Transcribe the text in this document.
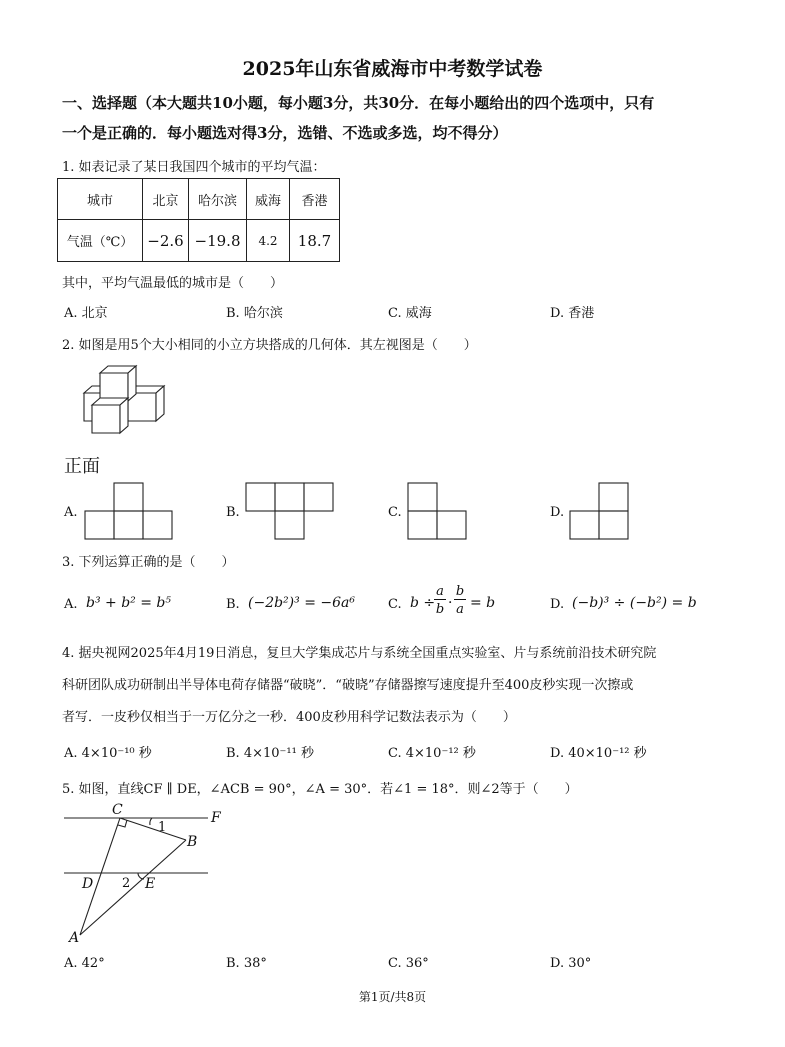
2025年山东省威海市中考数学试卷
一、选择题（本大题共10小题，每小题3分，共30分．在每小题给出的四个选项中，只有
一个是正确的．每小题选对得3分，选错、不选或多选，均不得分）
1. 如表记录了某日我国四个城市的平均气温：
城市	北京	哈尔滨	威海	香港
气温（℃）	−2.6	−19.8	4.2	18.7
其中，平均气温最低的城市是（　　）
A. 北京	B. 哈尔滨	C. 威海	D. 香港
2. 如图是用5个大小相同的小立方块搭成的几何体．其左视图是（　　）
正面
A.	B.	C.	D.
3. 下列运算正确的是（　　）
A. b³ + b² = b⁵	B. (−2b²)³ = −6a⁶	C. b ÷
a
b ·
b
a = b	D. (−b)³ ÷ (−b²) = b
4. 据央视网2025年4月19日消息，复旦大学集成芯片与系统全国重点实验室、片与系统前沿技术研究院
科研团队成功研制出半导体电荷存储器“破晓”．“破晓”存储器擦写速度提升至400皮秒实现一次擦或
者写．一皮秒仅相当于一万亿分之一秒．400皮秒用科学记数法表示为（　　）
A. 4×10⁻¹⁰ 秒	B. 4×10⁻¹¹ 秒	C. 4×10⁻¹² 秒	D. 40×10⁻¹² 秒
5. 如图，直线CF ∥ DE，∠ACB = 90°，∠A = 30°．若∠1 = 18°．则∠2等于（　　）
C	F
B
D	E
A
1
2
A. 42°	B. 38°	C. 36°	D. 30°
第1页/共8页
